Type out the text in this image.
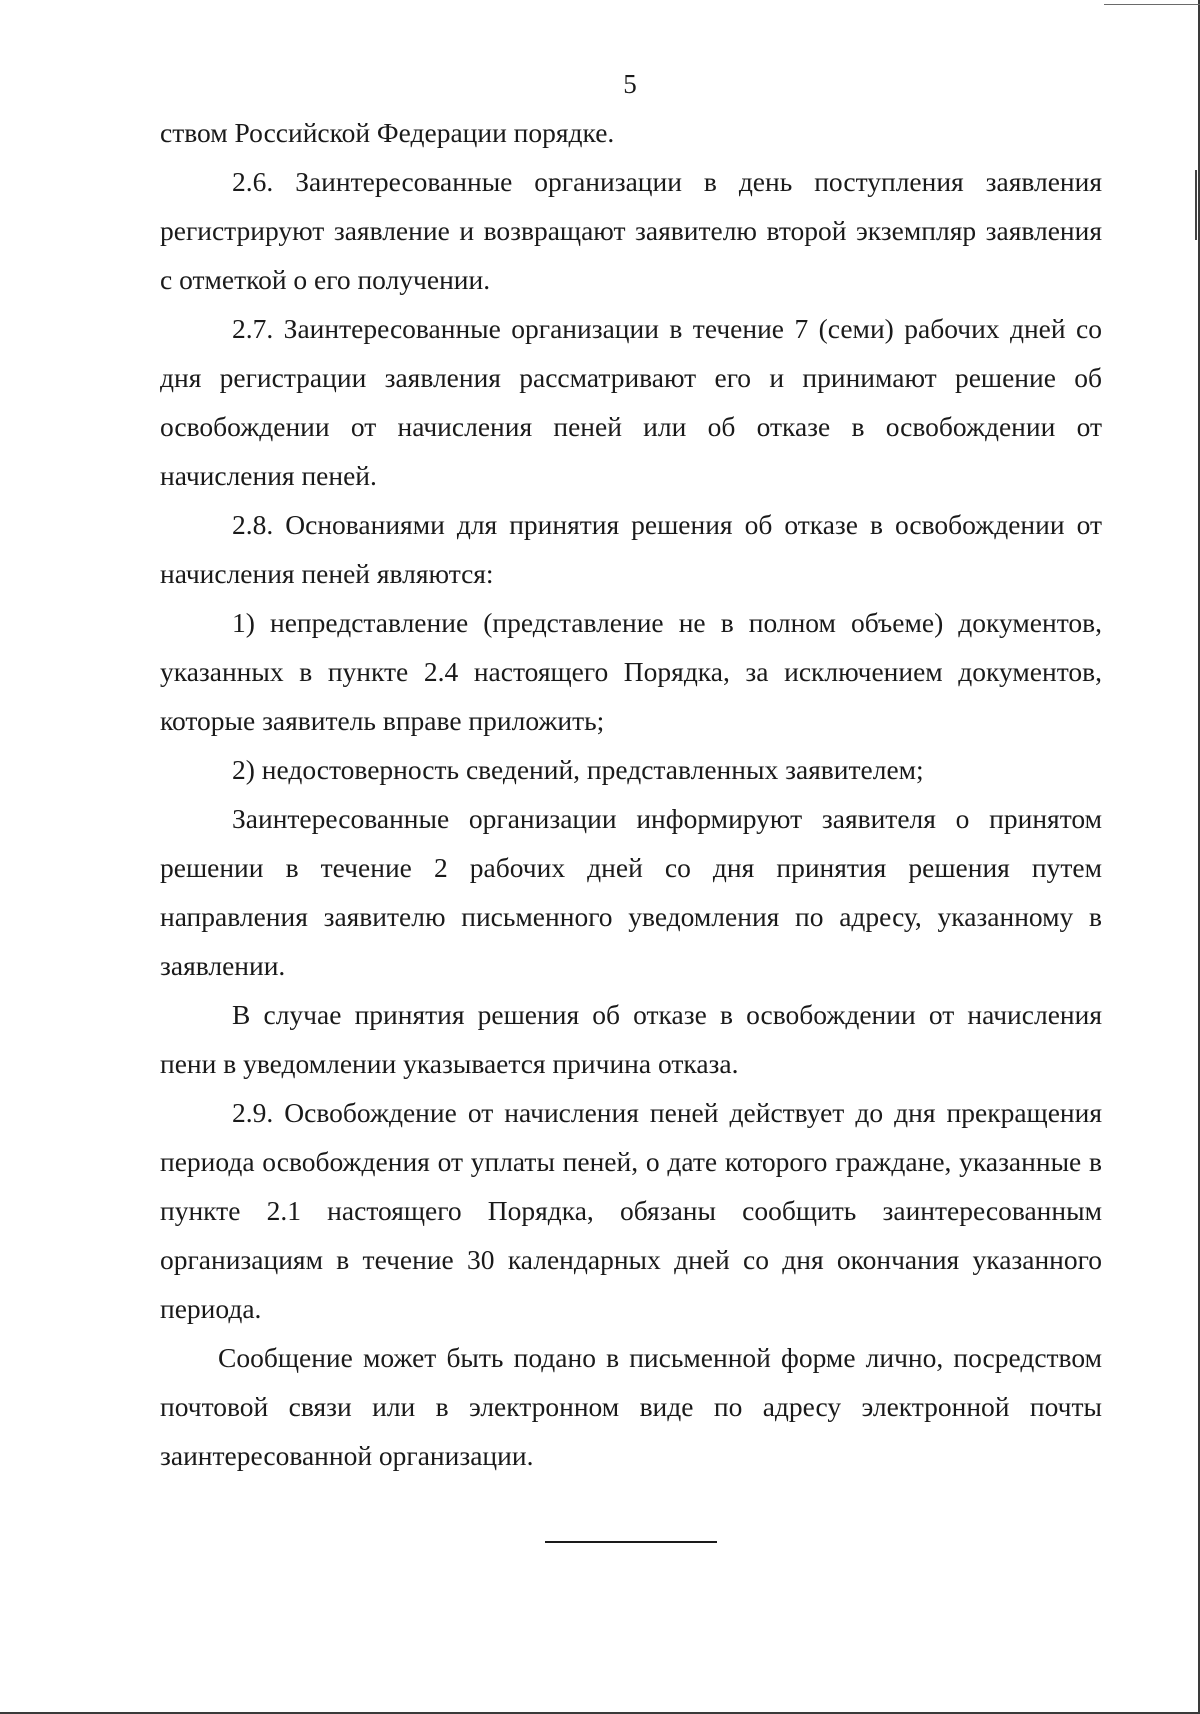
5

ством Российской Федерации порядке.

2.6. Заинтересованные организации в день поступления заявления регистрируют заявление и возвращают заявителю второй экземпляр заявления с отметкой о его получении.

2.7. Заинтересованные организации в течение 7 (семи) рабочих дней со дня регистрации заявления рассматривают его и принимают решение об освобождении от начисления пеней или об отказе в освобождении от начисления пеней.

2.8. Основаниями для принятия решения об отказе в освобождении от начисления пеней являются:

1) непредставление (представление не в полном объеме) документов, указанных в пункте 2.4 настоящего Порядка, за исключением документов, которые заявитель вправе приложить;

2) недостоверность сведений, представленных заявителем;

Заинтересованные организации информируют заявителя о принятом решении в течение 2 рабочих дней со дня принятия решения путем направления заявителю письменного уведомления по адресу, указанному в заявлении.

В случае принятия решения об отказе в освобождении от начисления пени в уведомлении указывается причина отказа.

2.9. Освобождение от начисления пеней действует до дня прекращения периода освобождения от уплаты пеней, о дате которого граждане, указанные в пункте 2.1 настоящего Порядка, обязаны сообщить заинтересованным организациям в течение 30 календарных дней со дня окончания указанного периода.

Сообщение может быть подано в письменной форме лично, посредством почтовой связи или в электронном виде по адресу электронной почты заинтересованной организации.
